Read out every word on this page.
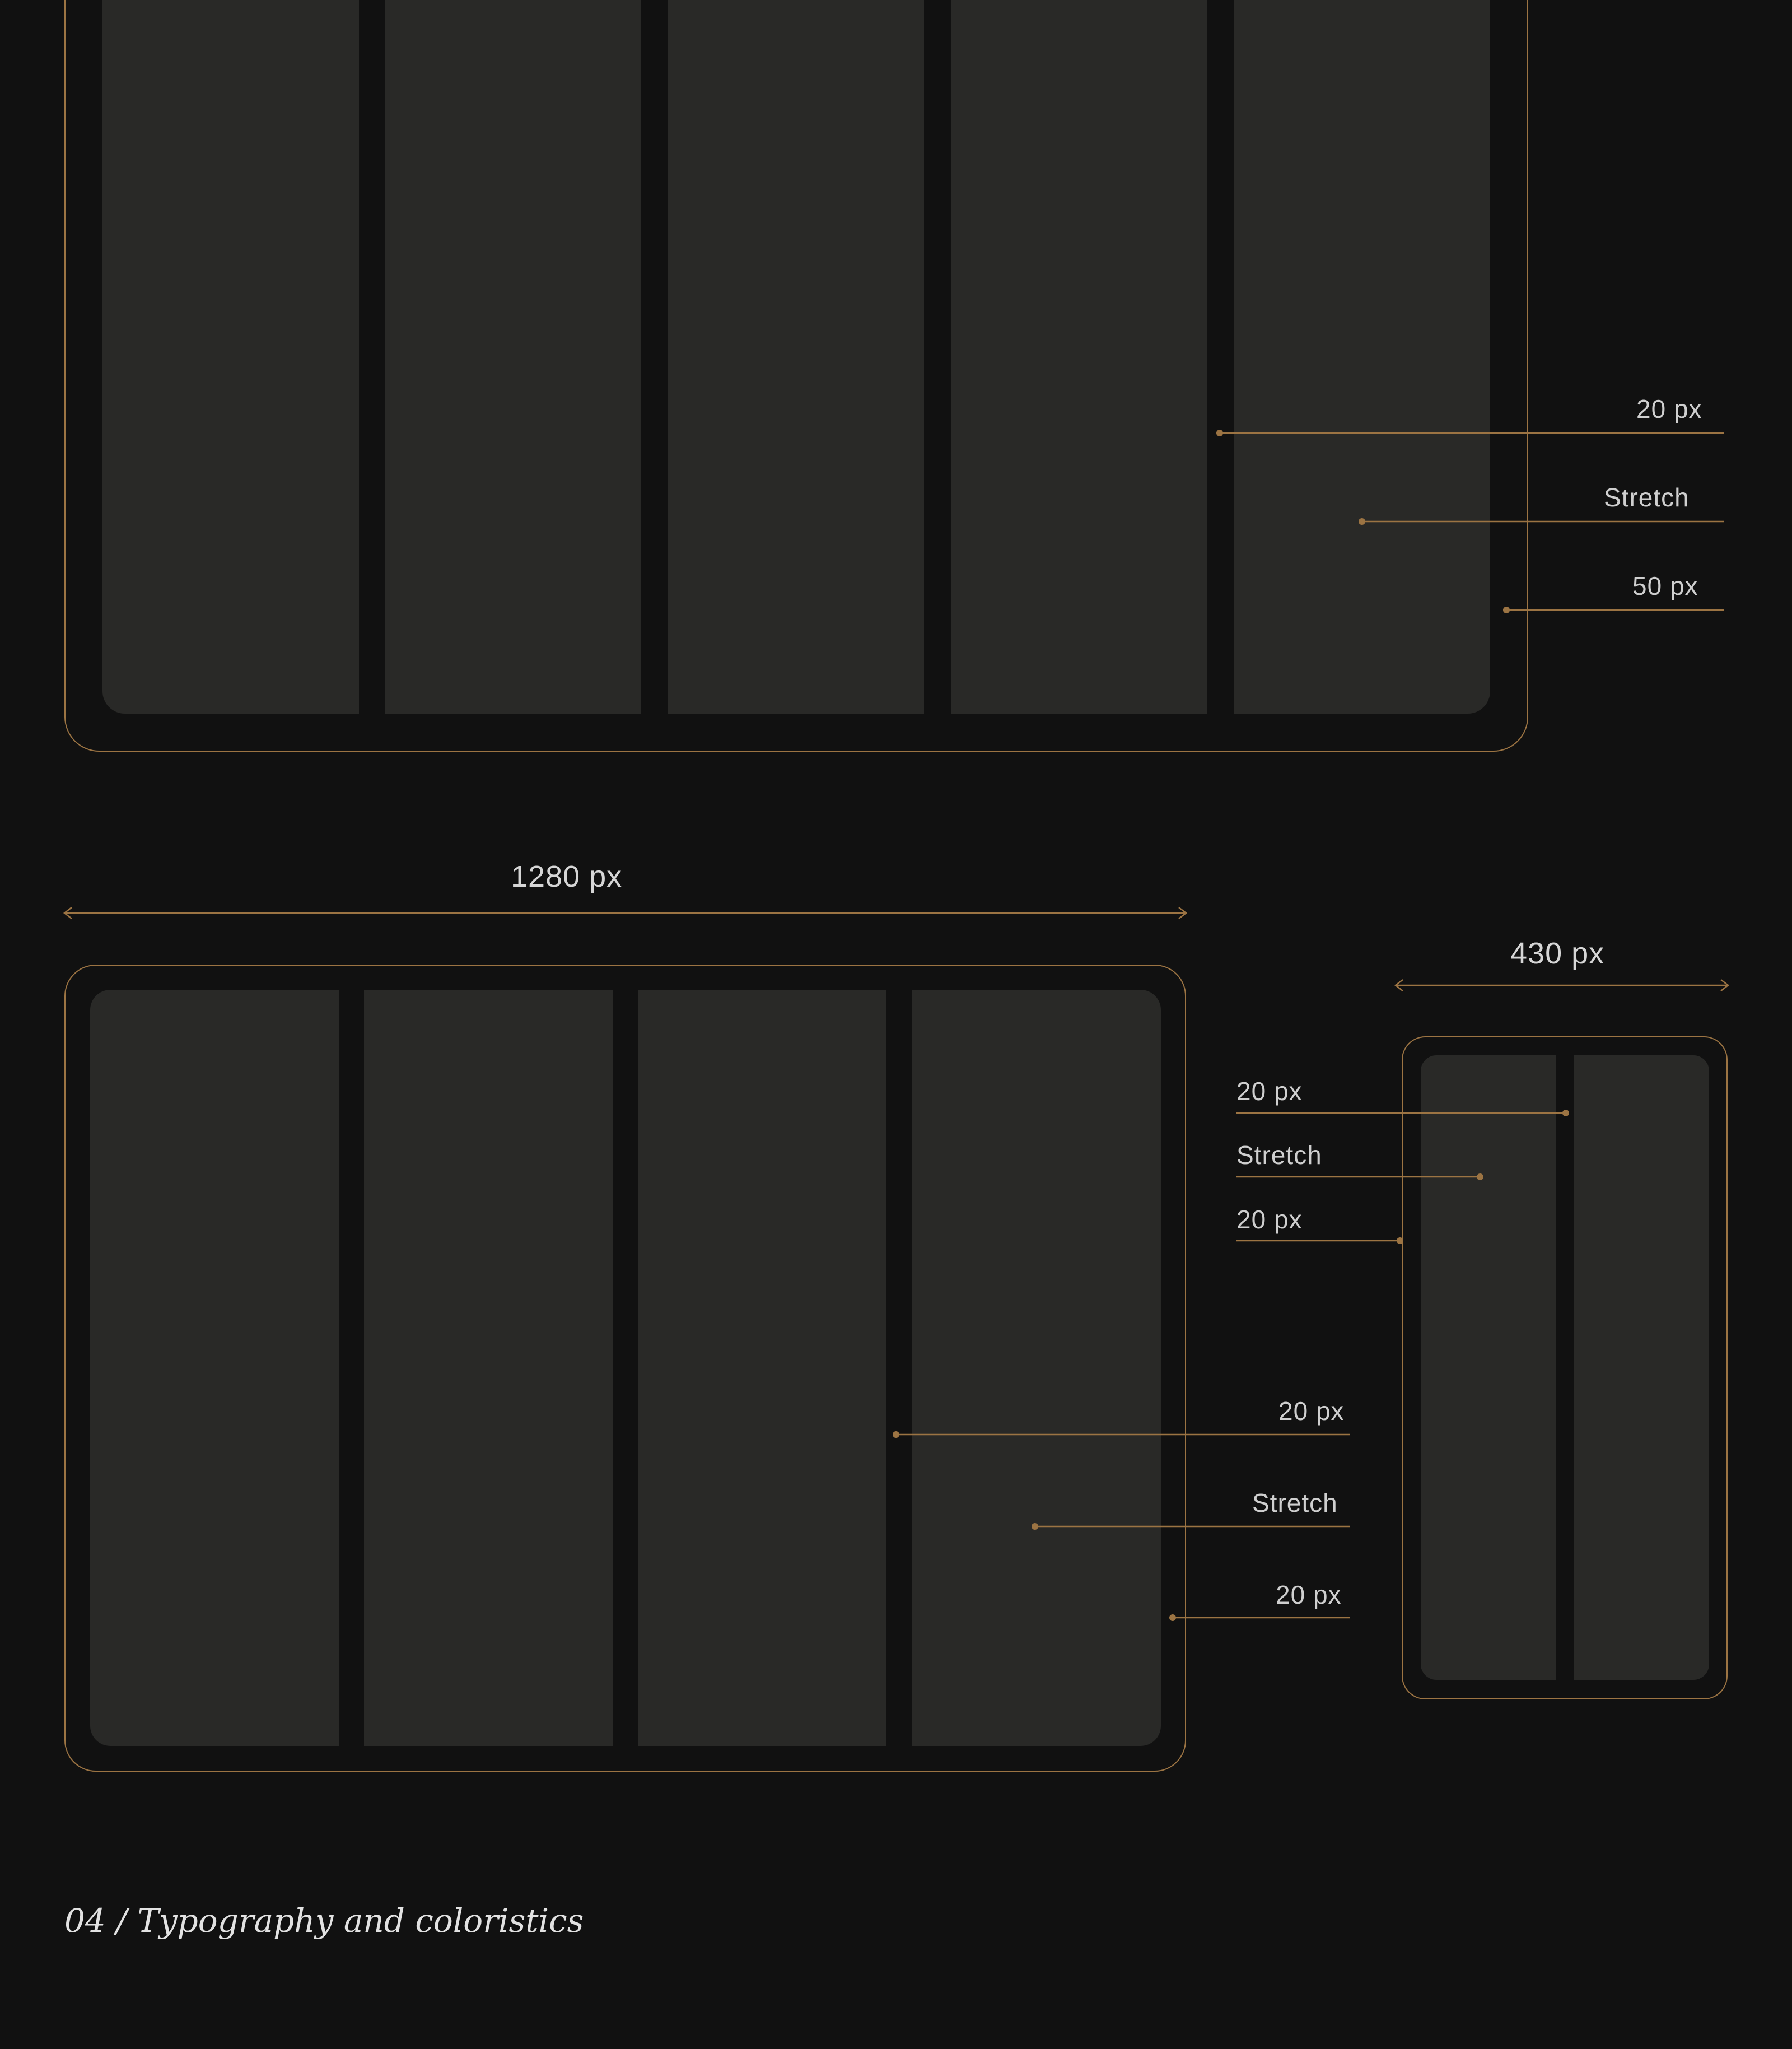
20 px
Stretch
50 px
1280 px
20 px
Stretch
20 px
430 px
20 px
Stretch
20 px
04 / Typography and coloristics
